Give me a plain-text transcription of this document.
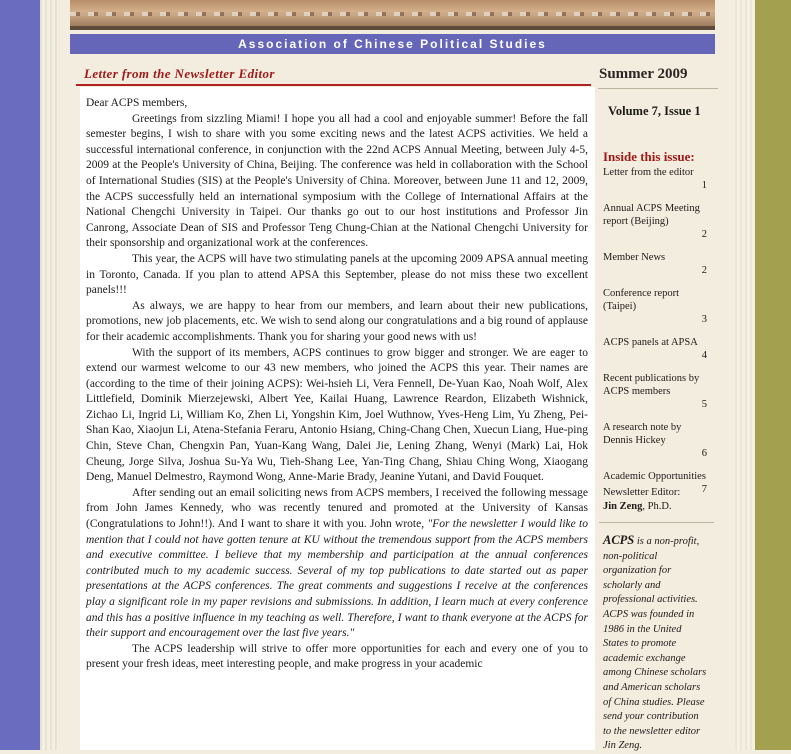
Association of Chinese Political Studies
Letter from the Newsletter Editor

Dear ACPS members,

Greetings from sizzling Miami! I hope you all had a cool and enjoyable summer! Before the fall semester begins, I wish to share with you some exciting news and the latest ACPS activities. We held a successful international conference, in conjunction with the 22nd ACPS Annual Meeting, between July 4-5, 2009 at the People's University of China, Beijing. The conference was held in collaboration with the School of International Studies (SIS) at the People's University of China. Moreover, between June 11 and 12, 2009, the ACPS successfully held an international symposium with the College of International Affairs at the National Chengchi University in Taipei. Our thanks go out to our host institutions and Professor Jin Canrong, Associate Dean of SIS and Professor Teng Chung-Chian at the National Chengchi University for their sponsorship and organizational work at the conferences.

This year, the ACPS will have two stimulating panels at the upcoming 2009 APSA annual meeting in Toronto, Canada. If you plan to attend APSA this September, please do not miss these two excellent panels!!!

As always, we are happy to hear from our members, and learn about their new publications, promotions, new job placements, etc. We wish to send along our congratulations and a big round of applause for their academic accomplishments. Thank you for sharing your good news with us!

With the support of its members, ACPS continues to grow bigger and stronger. We are eager to extend our warmest welcome to our 43 new members, who joined the ACPS this year. Their names are (according to the time of their joining ACPS): Wei-hsieh Li, Vera Fennell, De-Yuan Kao, Noah Wolf, Alex Littlefield, Dominik Mierzejewski, Albert Yee, Kailai Huang, Lawrence Reardon, Elizabeth Wishnick, Zichao Li, Ingrid Li, William Ko, Zhen Li, Yongshin Kim, Joel Wuthnow, Yves-Heng Lim, Yu Zheng, Pei-Shan Kao, Xiaojun Li, Atena-Stefania Feraru, Antonio Hsiang, Ching-Chang Chen, Xuecun Liang, Hue-ping Chin, Steve Chan, Chengxin Pan, Yuan-Kang Wang, Dalei Jie, Lening Zhang, Wenyi (Mark) Lai, Hok Cheung, Jorge Silva, Joshua Su-Ya Wu, Tieh-Shang Lee, Yan-Ting Chang, Shiau Ching Wong, Xiaogang Deng, Manuel Delmestro, Raymond Wong, Anne-Marie Brady, Jeanine Yutani, and David Fouquet.

After sending out an email soliciting news from ACPS members, I received the following message from John James Kennedy, who was recently tenured and promoted at the University of Kansas (Congratulations to John!!). And I want to share it with you. John wrote, "For the newsletter I would like to mention that I could not have gotten tenure at KU without the tremendous support from the ACPS members and executive committee. I believe that my membership and participation at the annual conferences contributed much to my academic success. Several of my top publications to date started out as paper presentations at the ACPS conferences. The great comments and suggestions I receive at the conferences play a significant role in my paper revisions and submissions. In addition, I learn much at every conference and this has a positive influence in my teaching as well. Therefore, I want to thank everyone at the ACPS for their support and encouragement over the last five years."

The ACPS leadership will strive to offer more opportunities for each and every one of you to present your fresh ideas, meet interesting people, and make progress in your academic

Summer 2009
Volume 7, Issue 1
Inside this issue:
Letter from the editor
1
Annual ACPS Meeting report (Beijing)
2
Member News
2
Conference report (Taipei)
3
ACPS panels at APSA
4
Recent publications by ACPS members
5
A research note by Dennis Hickey
6
Academic Opportunities
7
Newsletter Editor:
Jin Zeng, Ph.D.
ACPS is a non-profit, non-political organization for scholarly and professional activities. ACPS was founded in 1986 in the United States to promote academic exchange among Chinese scholars and American scholars of China studies. Please send your contribution to the newsletter editor Jin Zeng.
